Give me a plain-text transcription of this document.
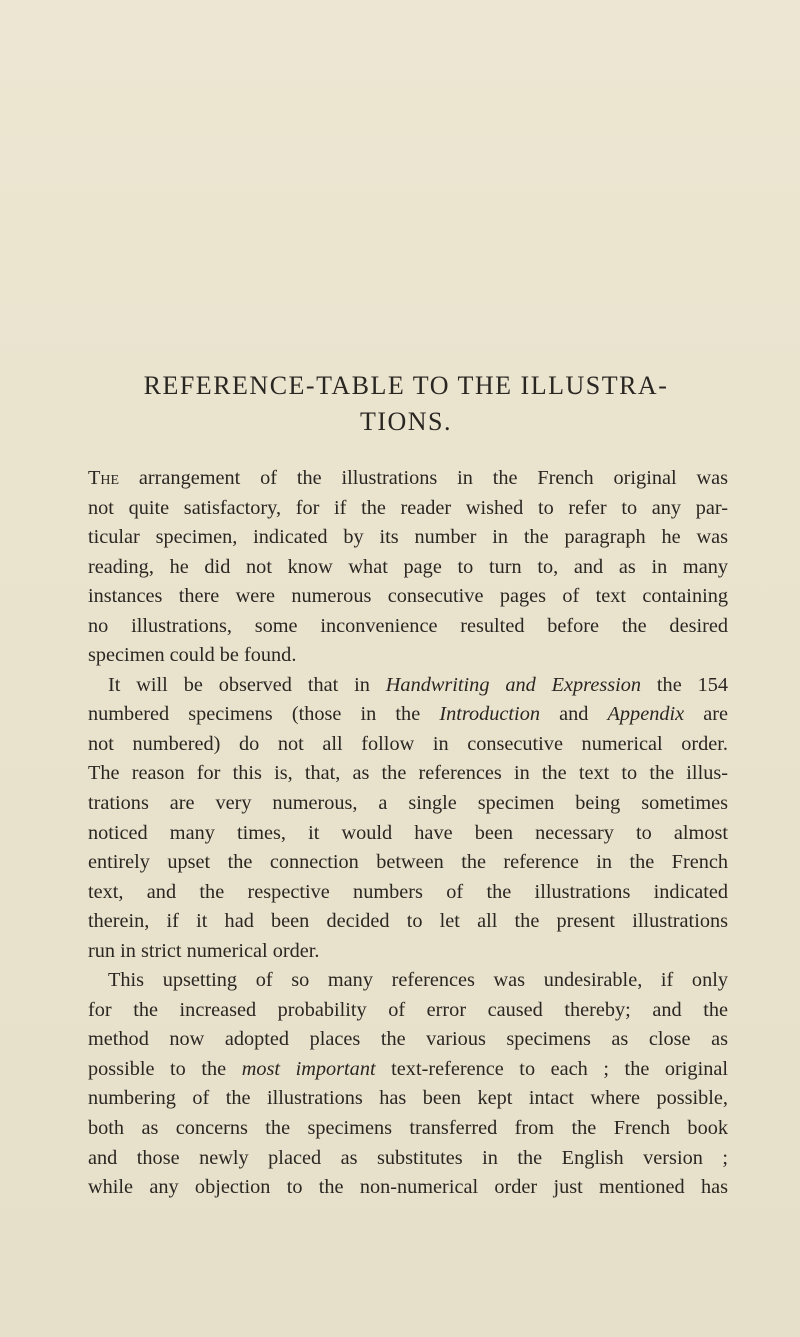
REFERENCE-TABLE TO THE ILLUSTRA-
TIONS.
The arrangement of the illustrations in the French original was
not quite satisfactory, for if the reader wished to refer to any par-
ticular specimen, indicated by its number in the paragraph he was
reading, he did not know what page to turn to, and as in many
instances there were numerous consecutive pages of text containing
no illustrations, some inconvenience resulted before the desired
specimen could be found.
It will be observed that in Handwriting and Expression the 154
numbered specimens (those in the Introduction and Appendix are
not numbered) do not all follow in consecutive numerical order.
The reason for this is, that, as the references in the text to the illus-
trations are very numerous, a single specimen being sometimes
noticed many times, it would have been necessary to almost
entirely upset the connection between the reference in the French
text, and the respective numbers of the illustrations indicated
therein, if it had been decided to let all the present illustrations
run in strict numerical order.
This upsetting of so many references was undesirable, if only
for the increased probability of error caused thereby; and the
method now adopted places the various specimens as close as
possible to the most important text-reference to each ; the original
numbering of the illustrations has been kept intact where possible,
both as concerns the specimens transferred from the French book
and those newly placed as substitutes in the English version ;
while any objection to the non-numerical order just mentioned has
